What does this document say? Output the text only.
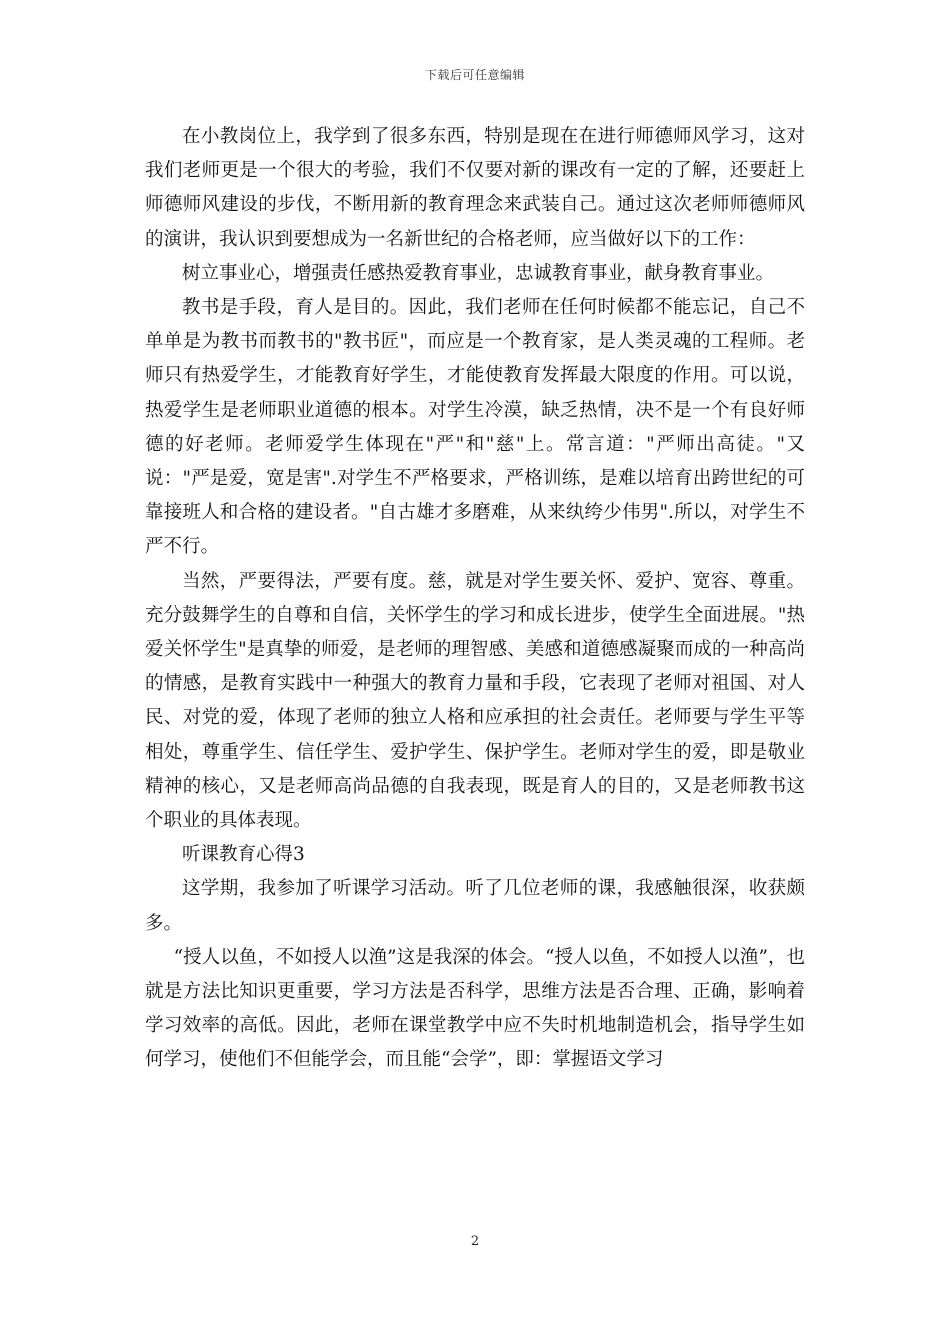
下载后可任意编辑

在小教岗位上，我学到了很多东西，特别是现在在进行师德师风学习，这对我们老师更是一个很大的考验，我们不仅要对新的课改有一定的了解，还要赶上师德师风建设的步伐，不断用新的教育理念来武装自己。通过这次老师师德师风的演讲，我认识到要想成为一名新世纪的合格老师，应当做好以下的工作：

树立事业心，增强责任感热爱教育事业，忠诚教育事业，献身教育事业。

教书是手段，育人是目的。因此，我们老师在任何时候都不能忘记，自己不单单是为教书而教书的"教书匠"，而应是一个教育家，是人类灵魂的工程师。老师只有热爱学生，才能教育好学生，才能使教育发挥最大限度的作用。可以说，热爱学生是老师职业道德的根本。对学生冷漠，缺乏热情，决不是一个有良好师德的好老师。老师爱学生体现在"严"和"慈"上。常言道："严师出高徒。"又说："严是爱，宽是害".对学生不严格要求，严格训练，是难以培育出跨世纪的可靠接班人和合格的建设者。"自古雄才多磨难，从来纨绔少伟男".所以，对学生不严不行。

当然，严要得法，严要有度。慈，就是对学生要关怀、爱护、宽容、尊重。充分鼓舞学生的自尊和自信，关怀学生的学习和成长进步，使学生全面进展。"热爱关怀学生"是真挚的师爱，是老师的理智感、美感和道德感凝聚而成的一种高尚的情感，是教育实践中一种强大的教育力量和手段，它表现了老师对祖国、对人民、对党的爱，体现了老师的独立人格和应承担的社会责任。老师要与学生平等相处，尊重学生、信任学生、爱护学生、保护学生。老师对学生的爱，即是敬业精神的核心，又是老师高尚品德的自我表现，既是育人的目的，又是老师教书这个职业的具体表现。

听课教育心得3

这学期，我参加了听课学习活动。听了几位老师的课，我感触很深，收获颇多。

“授人以鱼，不如授人以渔”这是我深的体会。“授人以鱼，不如授人以渔”，也就是方法比知识更重要，学习方法是否科学，思维方法是否合理、正确，影响着学习效率的高低。因此，老师在课堂教学中应不失时机地制造机会，指导学生如何学习，使他们不但能学会，而且能“会学”，即：掌握语文学习

2
